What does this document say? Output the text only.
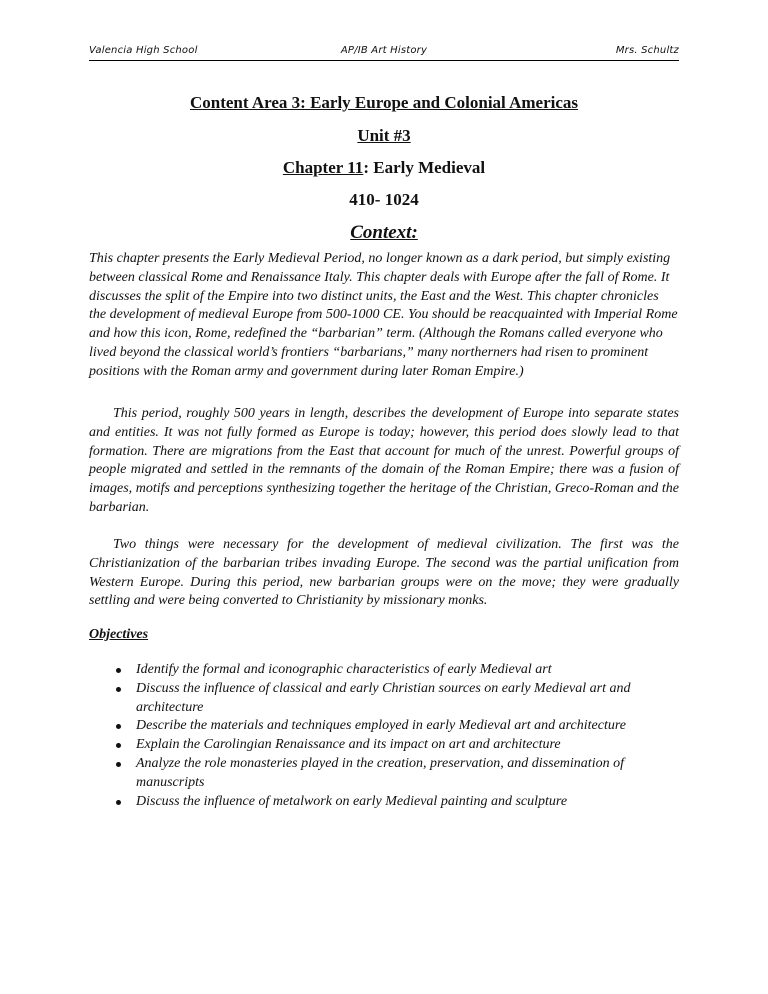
Valencia High School	AP/IB Art History	Mrs. Schultz
Content Area 3: Early Europe and Colonial Americas
Unit #3
Chapter 11: Early Medieval
410- 1024
Context:

This chapter presents the Early Medieval Period, no longer known as a dark period, but simply existing between classical Rome and Renaissance Italy. This chapter deals with Europe after the fall of Rome. It discusses the split of the Empire into two distinct units, the East and the West. This chapter chronicles the development of medieval Europe from 500-1000 CE. You should be reacquainted with Imperial Rome and how this icon, Rome, redefined the “barbarian” term. (Although the Romans called everyone who lived beyond the classical world’s frontiers “barbarians,” many northerners had risen to prominent positions with the Roman army and government during later Roman Empire.)

This period, roughly 500 years in length, describes the development of Europe into separate states and entities. It was not fully formed as Europe is today; however, this period does slowly lead to that formation. There are migrations from the East that account for much of the unrest. Powerful groups of people migrated and settled in the remnants of the domain of the Roman Empire; there was a fusion of images, motifs and perceptions synthesizing together the heritage of the Christian, Greco-Roman and the barbarian.

Two things were necessary for the development of medieval civilization. The first was the Christianization of the barbarian tribes invading Europe. The second was the partial unification from Western Europe. During this period, new barbarian groups were on the move; they were gradually settling and were being converted to Christianity by missionary monks.

Objectives
Identify the formal and iconographic characteristics of early Medieval art
Discuss the influence of classical and early Christian sources on early Medieval art and architecture
Describe the materials and techniques employed in early Medieval art and architecture
Explain the Carolingian Renaissance and its impact on art and architecture
Analyze the role monasteries played in the creation, preservation, and dissemination of manuscripts
Discuss the influence of metalwork on early Medieval painting and sculpture
